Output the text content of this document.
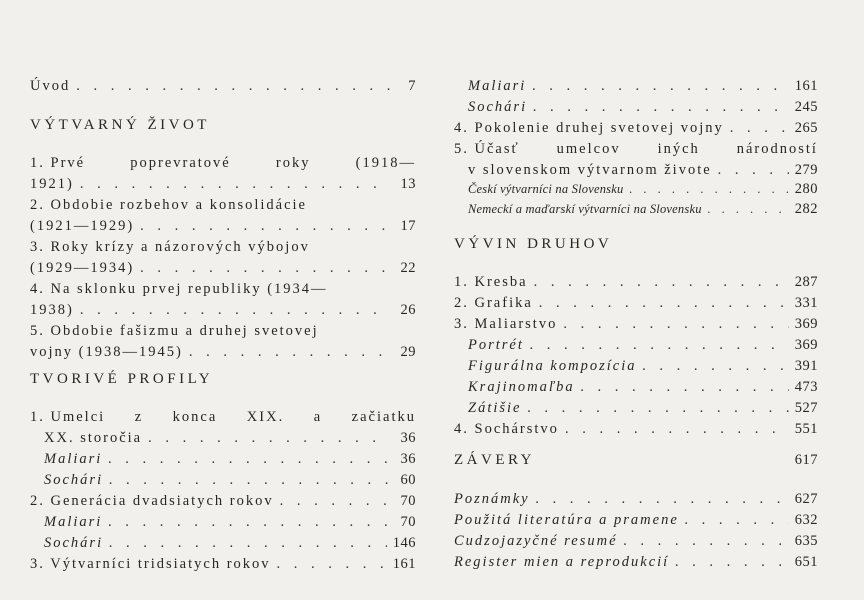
Úvod . . .	7
VÝTVARNÝ ŽIVOT
1. Prvé	poprevratové	roky	(1918—
1921) . . .	13
2. Obdobie rozbehov a konsolidácie
(1921—1929) . . .	17
3. Roky krízy a názorových výbojov
(1929—1934) . . .	22
4. Na sklonku prvej republiky (1934—
1938) . . .	26
5. Obdobie fašizmu a druhej svetovej
vojny (1938—1945) . . .	29
TVORIVÉ PROFILY
1. Umelci z konca XIX. a začiatku
XX. storočia . . .	36
Maliari . . .	36
Sochári . . .	60
2. Generácia dvadsiatych rokov . . .	70
Maliari . . .	70
Sochári . . .	146
3. Výtvarníci tridsiatych rokov . . .	161
Maliari . . .	161
Sochári . . .	245
4. Pokolenie druhej svetovej vojny . . .	265
5. Účasť	umelcov	iných	národností
v slovenskom výtvarnom živote . . .	279
Českí výtvarníci na Slovensku . . .	280
Nemeckí a maďarskí výtvarníci na Slovensku . . .	282
VÝVIN DRUHOV
1. Kresba . . .	287
2. Grafika . . .	331
3. Maliarstvo . . .	369
Portrét . . .	369
Figurálna kompozícia . . .	391
Krajinomaľba . . .	473
Zátišie . . .	527
4. Sochárstvo . . .	551
ZÁVERY	617
Poznámky . . .	627
Použitá literatúra a pramene . . .	632
Cudzojazyčné resumé . . .	635
Register mien a reprodukcií . . .	651
